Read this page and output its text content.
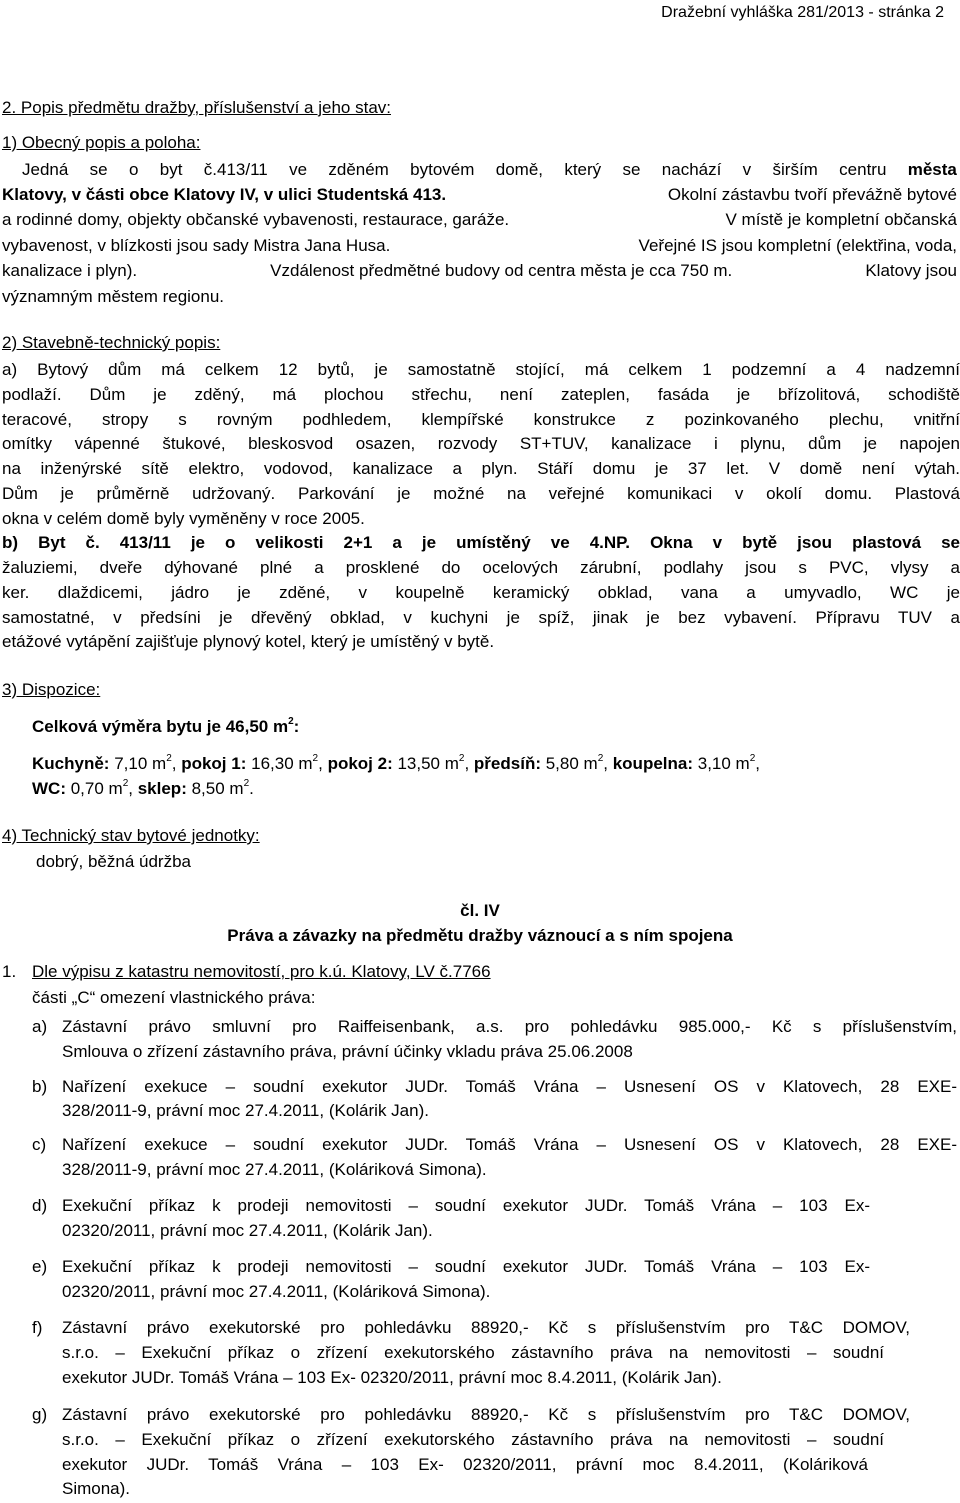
Dražební vyhláška 281/2013 - stránka 2
2. Popis předmětu dražby, příslušenství a jeho stav:
1) Obecný popis a poloha:
Jedná se o byt č.413/11 ve zděném bytovém domě, který se nachází v širším centru města
Klatovy, v části obce Klatovy IV, v ulici Studentská 413.	Okolní zástavbu tvoří převážně bytové
a rodinné domy, objekty občanské vybavenosti, restaurace, garáže.	V místě je kompletní občanská
vybavenost, v blízkosti jsou sady Mistra Jana Husa.	Veřejné IS jsou kompletní (elektřina, voda,
kanalizace i plyn).	Vzdálenost předmětné budovy od centra města je cca 750 m.	Klatovy jsou
významným městem regionu.
2) Stavebně-technický popis:
a) Bytový dům má celkem 12 bytů, je samostatně stojící, má celkem 1 podzemní a 4 nadzemní
podlaží. Dům je zděný, má plochou střechu, není zateplen, fasáda je břízolitová, schodiště
teracové, stropy s rovným podhledem, klempířské konstrukce z pozinkovaného plechu, vnitřní
omítky vápenné štukové, bleskosvod osazen, rozvody ST+TUV, kanalizace i plynu, dům je napojen
na inženýrské sítě elektro, vodovod, kanalizace a plyn. Stáří domu je 37 let. V domě není výtah.
Dům je průměrně udržovaný. Parkování je možné na veřejné komunikaci v okolí domu. Plastová
okna v celém domě byly vyměněny v roce 2005.
b) Byt č. 413/11 je o velikosti 2+1 a je umístěný ve 4.NP. Okna v bytě jsou plastová se
žaluziemi, dveře dýhované plné a prosklené do ocelových zárubní, podlahy jsou s PVC, vlysy a
ker. dlaždicemi, jádro je zděné, v koupelně keramický obklad, vana a umyvadlo, WC je
samostatné, v předsíni je dřevěný obklad, v kuchyni je spíž, jinak je bez vybavení. Přípravu TUV a
etážové vytápění zajišťuje plynový kotel, který je umístěný v bytě.
3) Dispozice:
Celková výměra bytu je 46,50 $m^2$:
Kuchyně: 7,10 $m^2$, pokoj 1: 16,30 $m^2$, pokoj 2: 13,50 $m^2$, předsíň: 5,80 $m^2$, koupelna: 3,10 $m^2$,
WC: 0,70 $m^2$, sklep: 8,50 $m^2$.
4) Technický stav bytové jednotky:
dobrý, běžná údržba
čl. IV
Práva a závazky na předmětu dražby váznoucí a s ním spojena
1. Dle výpisu z katastru nemovitostí, pro k.ú. Klatovy, LV č.7766
části „C“ omezení vlastnického práva:
a) Zástavní právo smluvní pro Raiffeisenbank, a.s. pro pohledávku 985.000,- Kč s příslušenstvím,
Smlouva o zřízení zástavního práva, právní účinky vkladu práva 25.06.2008
b) Nařízení exekuce – soudní exekutor JUDr. Tomáš Vrána – Usnesení OS v Klatovech, 28 EXE-
328/2011-9, právní moc 27.4.2011, (Kolárik Jan).
c) Nařízení exekuce – soudní exekutor JUDr. Tomáš Vrána – Usnesení OS v Klatovech, 28 EXE-
328/2011-9, právní moc 27.4.2011, (Koláriková Simona).
d) Exekuční příkaz k prodeji nemovitosti – soudní exekutor JUDr. Tomáš Vrána – 103 Ex-
02320/2011, právní moc 27.4.2011, (Kolárik Jan).
e) Exekuční příkaz k prodeji nemovitosti – soudní exekutor JUDr. Tomáš Vrána – 103 Ex-
02320/2011, právní moc 27.4.2011, (Koláriková Simona).
f)	Zástavní právo exekutorské pro pohledávku 88920,- Kč s příslušenstvím pro T&C DOMOV,
s.r.o. – Exekuční příkaz o zřízení exekutorského zástavního práva na nemovitosti – soudní
exekutor JUDr. Tomáš Vrána – 103 Ex- 02320/2011, právní moc 8.4.2011, (Kolárik Jan).
g) Zástavní právo exekutorské pro pohledávku 88920,- Kč s příslušenstvím pro T&C DOMOV,
s.r.o. – Exekuční příkaz o zřízení exekutorského zástavního práva na nemovitosti – soudní
exekutor JUDr. Tomáš Vrána – 103 Ex- 02320/2011, právní moc 8.4.2011, (Koláriková
Simona).
